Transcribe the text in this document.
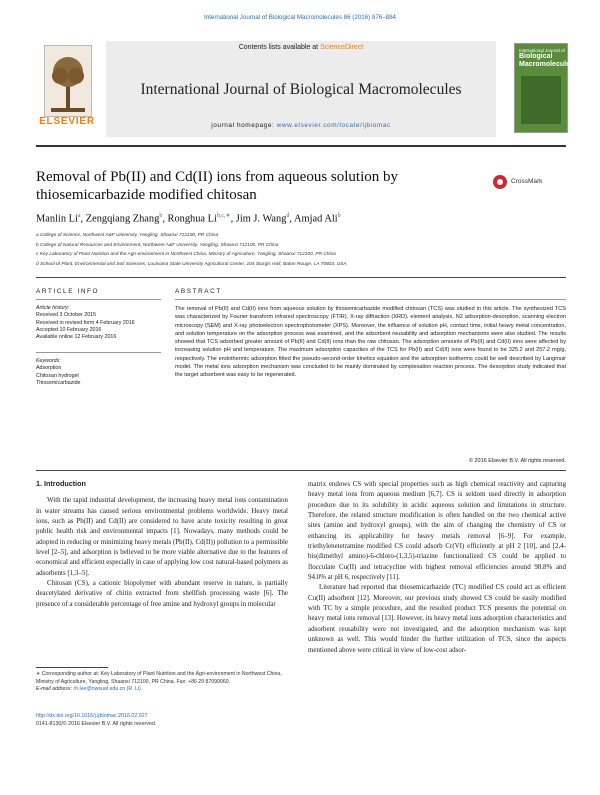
International Journal of Biological Macromolecules 86 (2016) 876–884
ELSEVIER
Contents lists available at ScienceDirect
International Journal of Biological Macromolecules
journal homepage: www.elsevier.com/locate/ijbiomac
International Journal of
Biological Macromolecules
Removal of Pb(II) and Cd(II) ions from aqueous solution by thiosemicarbazide modified chitosan
CrossMark
Manlin Li$^a$, Zengqiang Zhang$^b$, Ronghua $Li^{b,c,∗}$, Jim J. Wang$^d$, Amjad Ali$^b$
a College of Science, Northwest A&F University, Yangling, Shaanxi 712100, PR China
b College of Natural Resources and Environment, Northwest A&F University, Yangling, Shaanxi 712100, PR China
c Key Laboratory of Plant Nutrition and the Agri-environment in Northwest China, Ministry of Agriculture, Yangling, Shaanxi 712100, PR China
d School of Plant, Environmental and Soil Sciences, Louisiana State University Agricultural Center, 104 Sturgis Hall, Baton Rouge, LA 70803, USA
ARTICLE INFO
Article history:
Received 3 October 2015
Received in revised form 4 February 2016
Accepted 10 February 2016
Available online 12 February 2016
Keywords:
Adsorption
Chitosan hydrogel
Thiosemicarbazide
ABSTRACT
The removal of Pb(II) and Cd(II) ions from aqueous solution by thiosemicarbazide modified chitosan (TCS) was studied in this article. The synthesized TCS was characterized by Fourier transform infrared spectroscopy (FTIR), X-ray diffraction (XRD), element analysis, N2 adsorption-desorption, scanning electron microscopy (SEM) and X-ray photoelectron spectrophotometer (XPS). Moreover, the influence of solution pH, contact time, initial heavy metal concentration, and solution temperature on the adsorption process was examined, and the adsorbent reusability and adsorption mechanisms were also studied. The results showed that TCS adsorbed greater amount of Pb(II) and Cd(II) ions than the raw chitosan. The adsorption amounts of Pb(II) and Cd(II) ions were affected by increasing solution pH and temperature. The maximum adsorption capacities of the TCS for Pb(II) and Cd(II) ions were found to be 325.2 and 257.2 mg/g, respectively. The endothermic adsorption fitted the pseudo-second-order kinetics equation and the adsorption isotherms could be well described by Langmuir model. The metal ions adsorption mechanism was concluded to be mainly dominated by complexation reaction process. The desorption study indicated that the target adsorbent was easy to be regenerated.
© 2016 Elsevier B.V. All rights reserved.
1. Introduction

With the rapid industrial development, the increasing heavy metal ions contamination in water streams has caused serious environmental problems worldwide. Heavy metal ions, such as Pb(II) and Cd(II) are considered to have acute toxicity resulting in great public health risk and environmental impacts [1]. Nowadays, many methods could be adopted in reducing or minimizing heavy metals (Pb(II), Cd(II)) pollution to a permissible level [2–5], and adsorption is believed to be more viable alternative due to the features of economical and efficient especially in case of applying low cost natural-based polymers as adsorbents [1,3–5].

Chitosan (CS), a cationic biopolymer with abundant reserve in nature, is partially deacetylated derivative of chitin extracted from shellfish processing waste [6]. The presence of a considerable percentage of free amine and hydroxyl groups in molecular

matrix endows CS with special properties such as high chemical reactivity and capturing heavy metal ions from aqueous medium [6,7]. CS is seldom used directly in adsorption procedure due to its solubility in acidic aqueous solution and limitations in structure. Therefore, the related structure modification is often handled on the two chemical active sites (amine and hydroxyl groups), with the aim of changing the chemistry of CS or enhancing its applicability for heavy metals removal [6–9]. For example, triethylenetetramine modified CS could adsorb Cr(VI) efficiently at pH 2 [10], and [2,4-bis(dimethyl amino)-6-chloro-(1,3,5)-triazine functionalized CS could be applied to flocculate Cu(II) and tetracycline with highest removal efficiencies around 98.8% and 94.0% at pH 6, respectively [11].

Literature had reported that thiosemicarbazide (TC) modified CS could act as efficient Cu(II) adsorbent [12]. Moreover, our previous study showed CS could be easily modified with TC by a simple procedure, and the resulted product TCS presents the potential on heavy metal ions removal [13]. However, its heavy metal ions adsorption characteristics and adsorbent reusability were not investigated, and the adsorption mechanism was kept unknown as well. This would hinder the further utilization of TCS, since the aspects mentioned above were critical in view of low-cost adsor-

∗ Corresponding author at: Key Laboratory of Plant Nutrition and the Agri-environment in Northwest China, Ministry of Agriculture, Yangling, Shaanxi 712100, PR China. Fax: +86 29 87090060.
E-mail address: rh.lee@nwsuaf.edu.cn (R. Li).
http://dx.doi.org/10.1016/j.ijbiomac.2016.02.027
0141-8130/© 2016 Elsevier B.V. All rights reserved.
